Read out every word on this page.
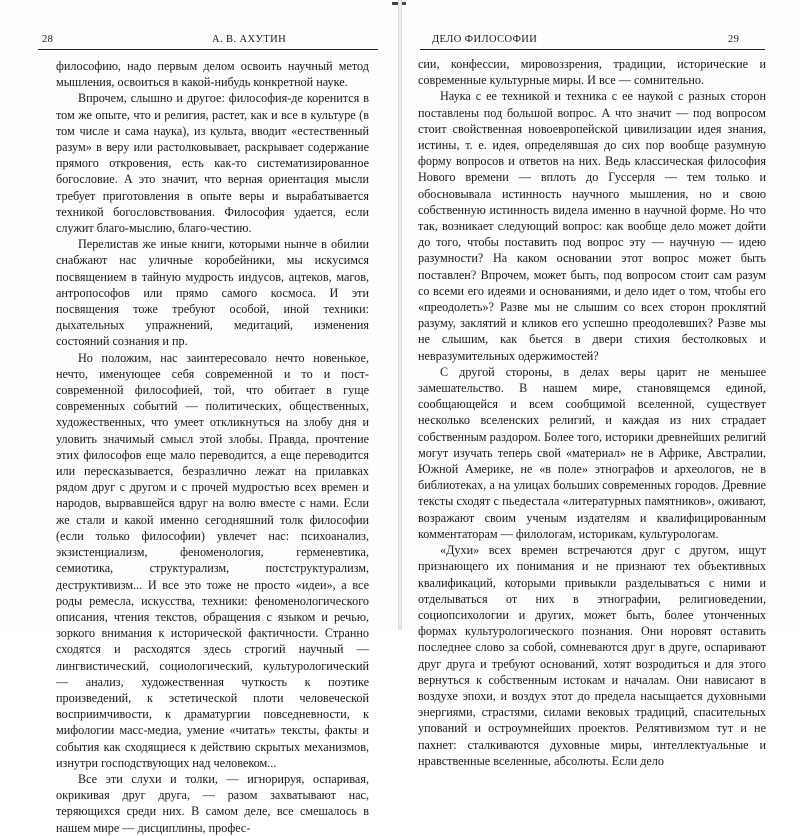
28	А. В. АХУТИН

философию, надо первым делом освоить научный метод мышления, освоиться в какой-нибудь конкретной науке.

Впрочем, слышно и другое: философия-де коренится в том же опыте, что и религия, растет, как и все в культуре (в том числе и сама наука), из культа, вводит «естественный разум» в веру или растолковывает, раскрывает содержание прямого откровения, есть как-то систематизированное богословие. А это значит, что верная ориентация мысли требует приготовления в опыте веры и вырабатывается техникой богословствования. Философия удается, если служит благо-мыслию, благо-честию.

Перелистав же иные книги, которыми нынче в обилии снабжают нас уличные коробейники, мы искусимся посвящением в тайную мудрость индусов, ацтеков, магов, антропософов или прямо самого космоса. И эти посвящения тоже требуют особой, иной техники: дыхательных упражнений, медитаций, изменения состояний сознания и пр.

Но положим, нас заинтересовало нечто новенькое, нечто, именующее себя современной и то и пост-современной философией, той, что обитает в гуще современных событий — политических, общественных, художественных, что умеет откликнуться на злобу дня и уловить значимый смысл этой злобы. Правда, прочтение этих философов еще мало переводится, а еще переводится или пересказывается, безразлично лежат на прилавках рядом друг с другом и с прочей мудростью всех времен и народов, вырвавшейся вдруг на волю вместе с нами. Если же стали и какой именно сегодняшний толк философии (если только философии) увлечет нас: психоанализ, экзистенциализм, феноменология, герменевтика, семиотика, структурализм, постструктурализм, деструктивизм... И все это тоже не просто «идеи», а все роды ремесла, искусства, техники: феноменологического описания, чтения текстов, обращения с языком и речью, зоркого внимания к исторической фактичности. Странно сходятся и расходятся здесь строгий научный — лингвистический, социологический, культурологический — анализ, художественная чуткость к поэтике произведений, к эстетической плоти человеческой восприимчивости, к драматургии повседневности, к мифологии масс-медиа, умение «читать» тексты, факты и события как сходящиеся к действию скрытых механизмов, изнутри господствующих над человеком...

Все эти слухи и толки, — игнорируя, оспаривая, окрикивая друг друга, — разом захватывают нас, теряющихся среди них. В самом деле, все смешалось в нашем мире — дисциплины, профес-

ДЕЛО ФИЛОСОФИИ	29

сии, конфессии, мировоззрения, традиции, исторические и современные культурные миры. И все — сомнительно.

Наука с ее техникой и техника с ее наукой с разных сторон поставлены под большой вопрос. А что значит — под вопросом стоит свойственная новоевропейской цивилизации идея знания, истины, т. е. идея, определявшая до сих пор вообще разумную форму вопросов и ответов на них. Ведь классическая философия Нового времени — вплоть до Гуссерля — тем только и обосновывала истинность научного мышления, но и свою собственную истинность видела именно в научной форме. Но что так, возникает следующий вопрос: как вообще дело может дойти до того, чтобы поставить под вопрос эту — научную — идею разумности? На каком основании этот вопрос может быть поставлен? Впрочем, может быть, под вопросом стоит сам разум со всеми его идеями и основаниями, и дело идет о том, чтобы его «преодолеть»? Разве мы не слышим со всех сторон проклятий разуму, заклятий и кликов его успешно преодолевших? Разве мы не слышим, как бьется в двери стихия бестолковых и невразумительных одержимостей?

С другой стороны, в делах веры царит не меньшее замешательство. В нашем мире, становящемся единой, сообщающейся и всем сообщимой вселенной, существует несколько вселенских религий, и каждая из них страдает собственным раздором. Более того, историки древнейших религий могут изучать теперь свой «материал» не в Африке, Австралии, Южной Америке, не «в поле» этнографов и археологов, не в библиотеках, а на улицах больших современных городов. Древние тексты сходят с пьедестала «литературных памятников», оживают, возражают своим ученым издателям и квалифицированным комментаторам — филологам, историкам, культурологам.

«Духи» всех времен встречаются друг с другом, ищут признающего их понимания и не признают тех объективных квалификаций, которыми привыкли разделываться с ними и отделываться от них в этнографии, религиоведении, социопсихологии и других, может быть, более утонченных формах культурологического познания. Они норовят оставить последнее слово за собой, сомневаются друг в друге, оспаривают друг друга и требуют оснований, хотят возродиться и для этого вернуться к собственным истокам и началам. Они нависают в воздухе эпохи, и воздух этот до предела насыщается духовными энергиями, страстями, силами вековых традиций, спасительных упований и остроумнейших проектов. Релятивизмом тут и не пахнет: сталкиваются духовные миры, интеллектуальные и нравственные вселенные, абсолюты. Если дело
